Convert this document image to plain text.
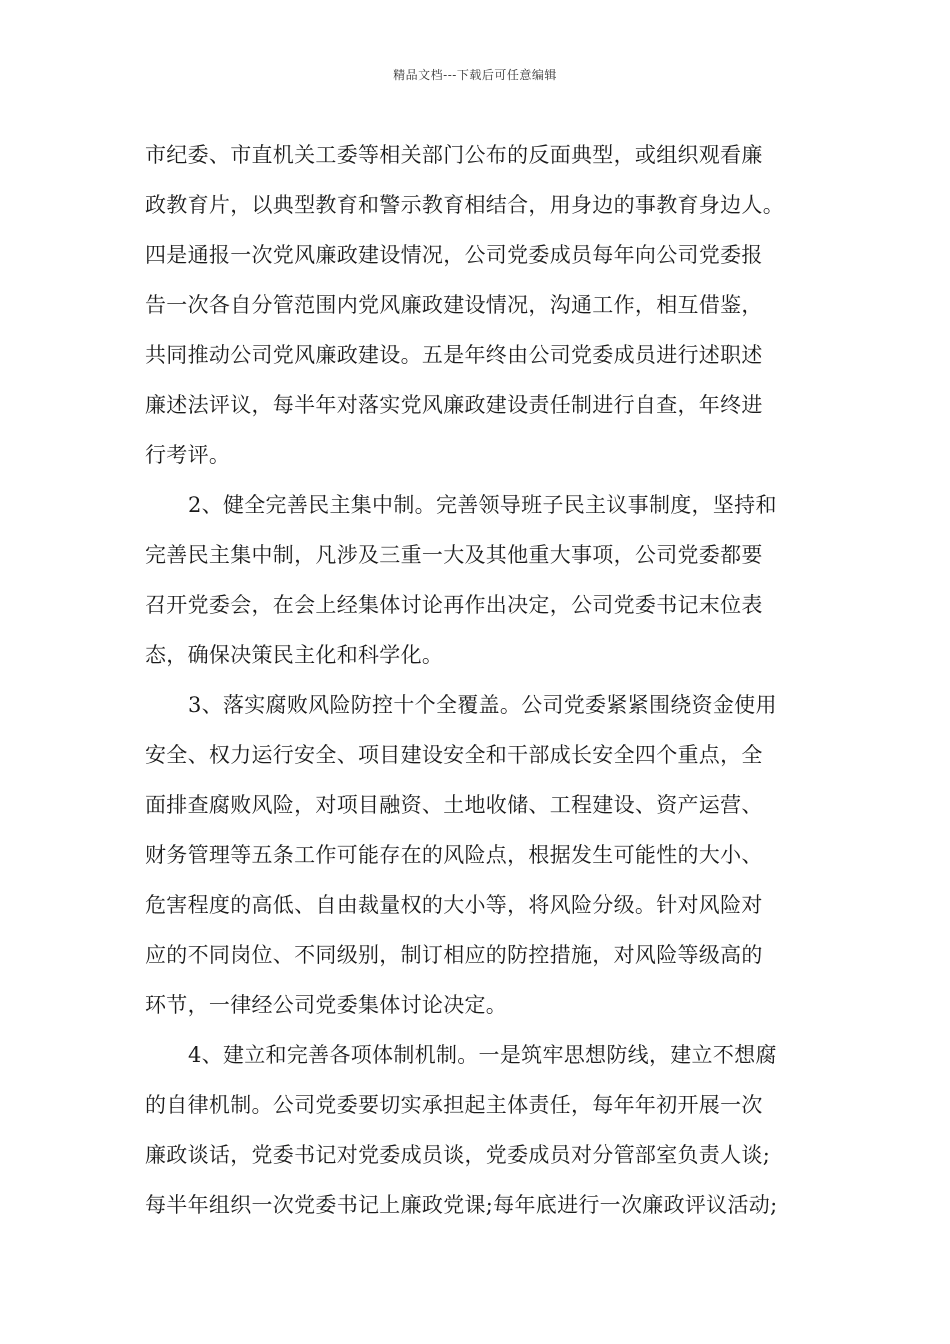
精品文档---下载后可任意编辑
市纪委、市直机关工委等相关部门公布的反面典型，或组织观看廉
政教育片，以典型教育和警示教育相结合，用身边的事教育身边人。
四是通报一次党风廉政建设情况，公司党委成员每年向公司党委报
告一次各自分管范围内党风廉政建设情况，沟通工作，相互借鉴，
共同推动公司党风廉政建设。五是年终由公司党委成员进行述职述
廉述法评议，每半年对落实党风廉政建设责任制进行自查，年终进
行考评。
2、健全完善民主集中制。完善领导班子民主议事制度，坚持和
完善民主集中制，凡涉及三重一大及其他重大事项，公司党委都要
召开党委会，在会上经集体讨论再作出决定，公司党委书记末位表
态，确保决策民主化和科学化。
3、落实腐败风险防控十个全覆盖。公司党委紧紧围绕资金使用
安全、权力运行安全、项目建设安全和干部成长安全四个重点，全
面排查腐败风险，对项目融资、土地收储、工程建设、资产运营、
财务管理等五条工作可能存在的风险点，根据发生可能性的大小、
危害程度的高低、自由裁量权的大小等，将风险分级。针对风险对
应的不同岗位、不同级别，制订相应的防控措施，对风险等级高的
环节，一律经公司党委集体讨论决定。
4、建立和完善各项体制机制。一是筑牢思想防线，建立不想腐
的自律机制。公司党委要切实承担起主体责任，每年年初开展一次
廉政谈话，党委书记对党委成员谈，党委成员对分管部室负责人谈;
每半年组织一次党委书记上廉政党课;每年底进行一次廉政评议活动;
